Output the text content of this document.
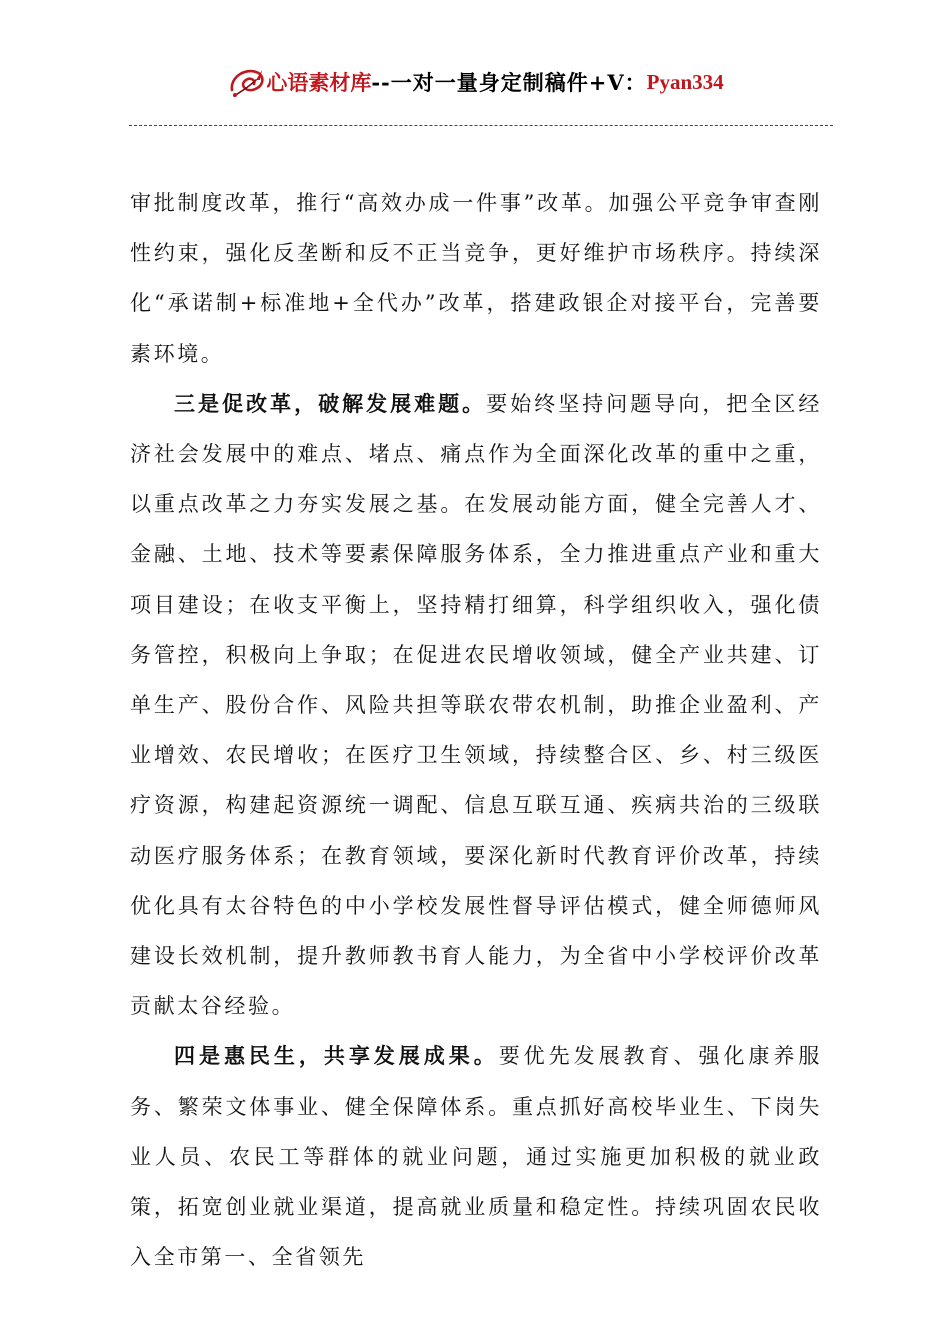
心语素材库 --一对一量身定制稿件+V： Pyan334

审批制度改革，推行“高效办成一件事”改革。加强公平竞争审查刚性约束，强化反垄断和反不正当竞争，更好维护市场秩序。持续深化“承诺制+标准地+全代办”改革，搭建政银企对接平台，完善要素环境。

三是促改革，破解发展难题。要始终坚持问题导向，把全区经济社会发展中的难点、堵点、痛点作为全面深化改革的重中之重，以重点改革之力夯实发展之基。在发展动能方面，健全完善人才、金融、土地、技术等要素保障服务体系，全力推进重点产业和重大项目建设；在收支平衡上，坚持精打细算，科学组织收入，强化债务管控，积极向上争取；在促进农民增收领域，健全产业共建、订单生产、股份合作、风险共担等联农带农机制，助推企业盈利、产业增效、农民增收；在医疗卫生领域，持续整合区、乡、村三级医疗资源，构建起资源统一调配、信息互联互通、疾病共治的三级联动医疗服务体系；在教育领域，要深化新时代教育评价改革，持续优化具有太谷特色的中小学校发展性督导评估模式，健全师德师风建设长效机制，提升教师教书育人能力，为全省中小学校评价改革贡献太谷经验。

四是惠民生，共享发展成果。要优先发展教育、强化康养服务、繁荣文体事业、健全保障体系。重点抓好高校毕业生、下岗失业人员、农民工等群体的就业问题，通过实施更加积极的就业政策，拓宽创业就业渠道，提高就业质量和稳定性。持续巩固农民收入全市第一、全省领先
